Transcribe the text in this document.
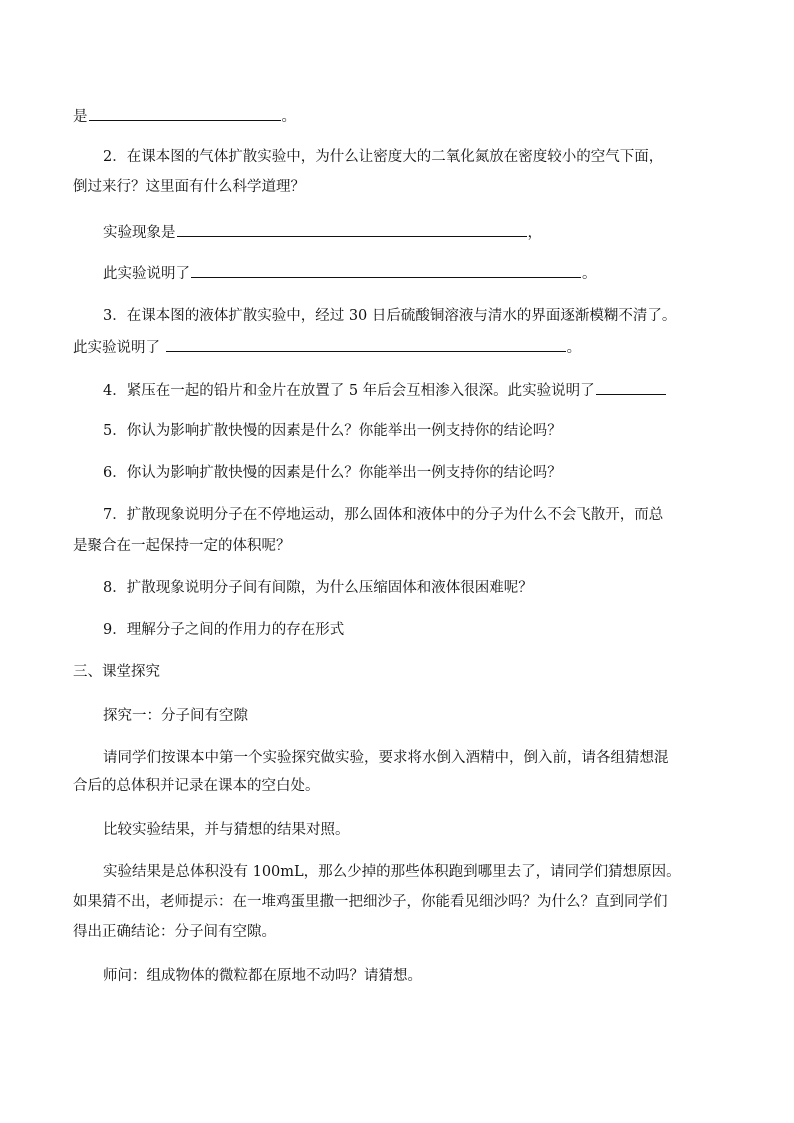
是	。
2．在课本图的气体扩散实验中，为什么让密度大的二氧化氮放在密度较小的空气下面，
倒过来行？这里面有什么科学道理？
实验现象是	，
此实验说明了	。
3．在课本图的液体扩散实验中，经过 30 日后硫酸铜溶液与清水的界面逐渐模糊不清了。
此实验说明了	。
4．紧压在一起的铅片和金片在放置了 5 年后会互相渗入很深。此实验说明了
5．你认为影响扩散快慢的因素是什么？你能举出一例支持你的结论吗？
6．你认为影响扩散快慢的因素是什么？你能举出一例支持你的结论吗？
7．扩散现象说明分子在不停地运动，那么固体和液体中的分子为什么不会飞散开，而总
是聚合在一起保持一定的体积呢？
8．扩散现象说明分子间有间隙，为什么压缩固体和液体很困难呢？
9．理解分子之间的作用力的存在形式
三、课堂探究
探究一：分子间有空隙
请同学们按课本中第一个实验探究做实验，要求将水倒入酒精中，倒入前，请各组猜想混
合后的总体积并记录在课本的空白处。
比较实验结果，并与猜想的结果对照。
实验结果是总体积没有 100mL，那么少掉的那些体积跑到哪里去了，请同学们猜想原因。
如果猜不出，老师提示：在一堆鸡蛋里撒一把细沙子，你能看见细沙吗？为什么？直到同学们
得出正确结论：分子间有空隙。
师问：组成物体的微粒都在原地不动吗？请猜想。
